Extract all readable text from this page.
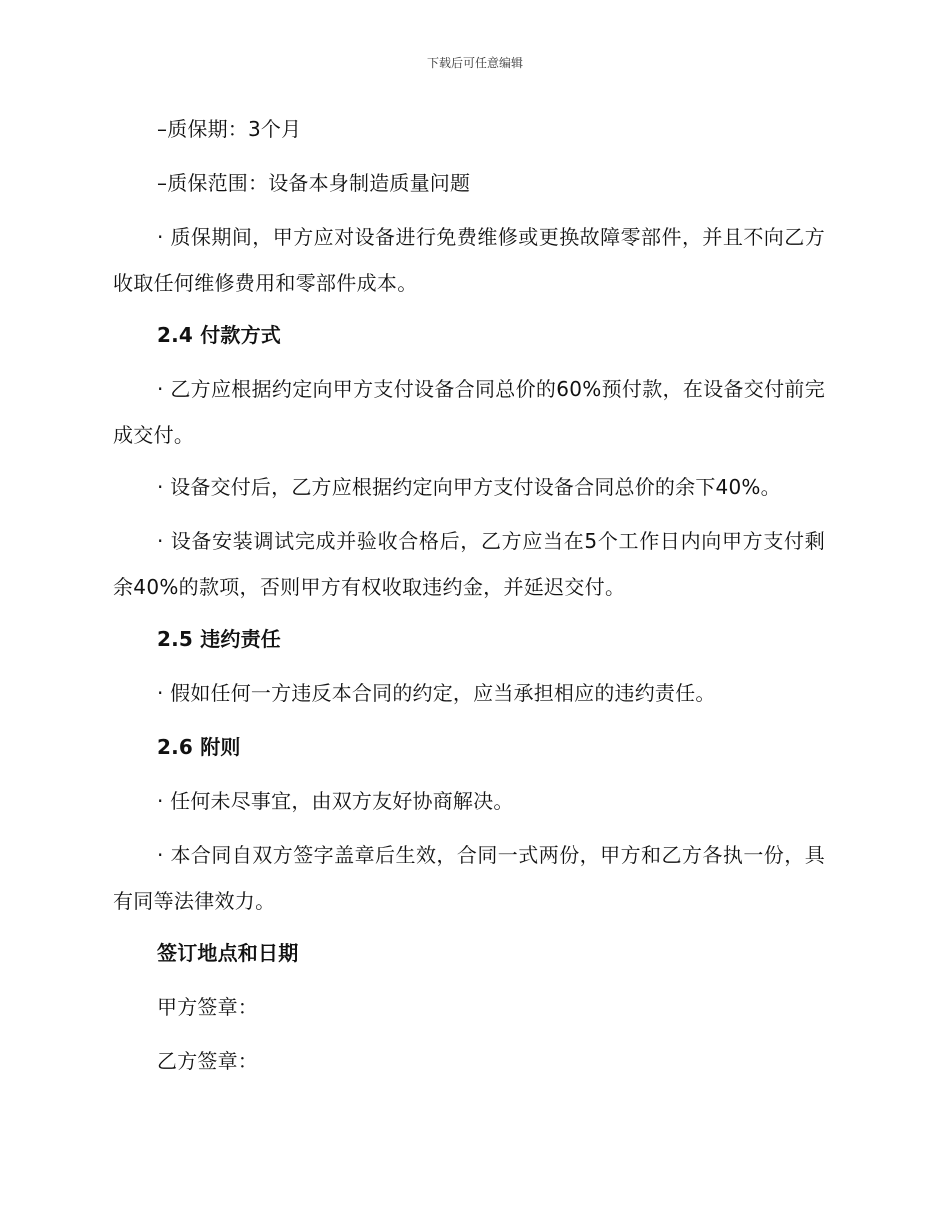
下载后可任意编辑
–质保期：3个月
–质保范围：设备本身制造质量问题
· 质保期间，甲方应对设备进行免费维修或更换故障零部件，并且不向乙方收取任何维修费用和零部件成本。
2.4 付款方式
· 乙方应根据约定向甲方支付设备合同总价的60%预付款，在设备交付前完成交付。
· 设备交付后，乙方应根据约定向甲方支付设备合同总价的余下40%。
· 设备安装调试完成并验收合格后，乙方应当在5个工作日内向甲方支付剩余40%的款项，否则甲方有权收取违约金，并延迟交付。
2.5 违约责任
· 假如任何一方违反本合同的约定，应当承担相应的违约责任。
2.6 附则
· 任何未尽事宜，由双方友好协商解决。
· 本合同自双方签字盖章后生效，合同一式两份，甲方和乙方各执一份，具有同等法律效力。
签订地点和日期
甲方签章：
乙方签章：
